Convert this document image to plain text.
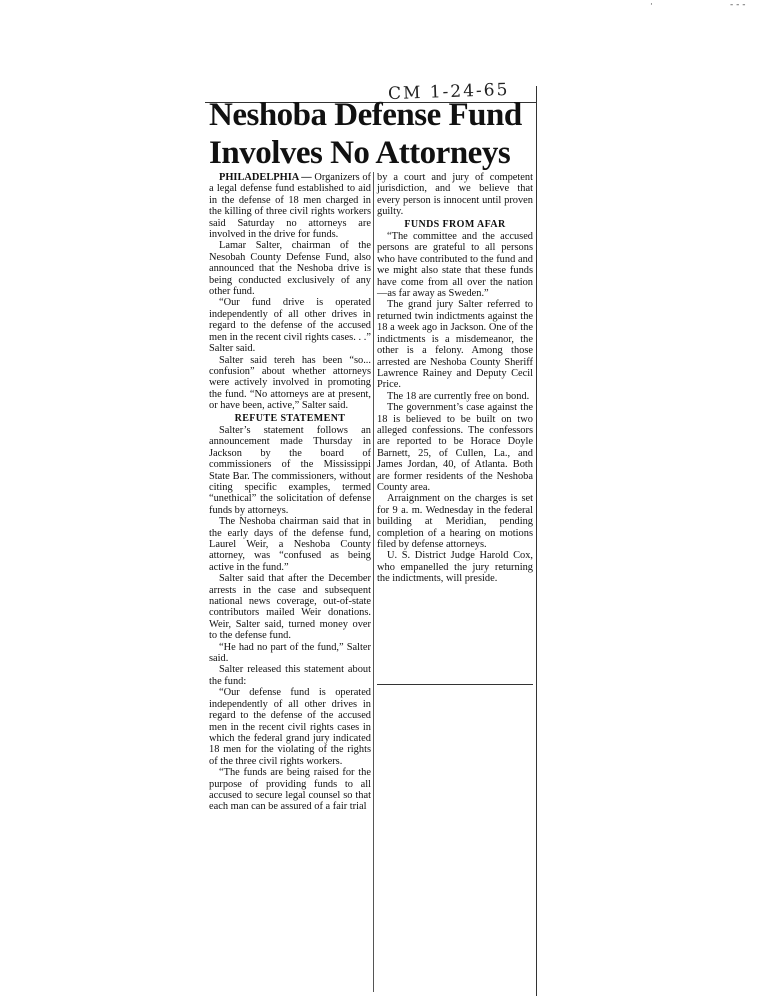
·	- - -
CM 1-24-65
Neshoba Defense Fund
Involves No Attorneys

PHILADELPHIA — Organizers of a legal defense fund established to aid in the defense of 18 men charged in the killing of three civil rights workers said Saturday no attorneys are involved in the drive for funds.

Lamar Salter, chairman of the Nesobah County Defense Fund, also announced that the Neshoba drive is being conducted exclusively of any other fund.

“Our fund drive is operated independently of all other drives in regard to the defense of the accused men in the recent civil rights cases. . .” Salter said.

Salter said tereh has been “so... confusion” about whether attorneys were actively involved in promoting the fund. “No attorneys are at present, or have been, active,” Salter said.

REFUTE STATEMENT

Salter’s statement follows an announcement made Thursday in Jackson by the board of commissioners of the Mississippi State Bar. The commissioners, without citing specific examples, termed “unethical” the solicitation of defense funds by attorneys.

The Neshoba chairman said that in the early days of the defense fund, Laurel Weir, a Neshoba County attorney, was “confused as being active in the fund.”

Salter said that after the December arrests in the case and subsequent national news coverage, out-of-state contributors mailed Weir donations. Weir, Salter said, turned money over to the defense fund.

“He had no part of the fund,” Salter said.

Salter released this statement about the fund:

“Our defense fund is operated independently of all other drives in regard to the defense of the accused men in the recent civil rights cases in which the federal grand jury indicated 18 men for the violating of the rights of the three civil rights workers.

“The funds are being raised for the purpose of providing funds to all accused to secure legal counsel so that each man can be assured of a fair trial

by a court and jury of competent jurisdiction, and we believe that every person is innocent until proven guilty.

FUNDS FROM AFAR

“The committee and the accused persons are grateful to all persons who have contributed to the fund and we might also state that these funds have come from all over the nation —as far away as Sweden.”

The grand jury Salter referred to returned twin indictments against the 18 a week ago in Jackson. One of the indictments is a misdemeanor, the other is a felony. Among those arrested are Neshoba County Sheriff Lawrence Rainey and Deputy Cecil Price.

The 18 are currently free on bond.

The government’s case against the 18 is believed to be built on two alleged confessions. The confessors are reported to be Horace Doyle Barnett, 25, of Cullen, La., and James Jordan, 40, of Atlanta. Both are former residents of the Neshoba County area.

Arraignment on the charges is set for 9 a. m. Wednesday in the federal building at Meridian, pending completion of a hearing on motions filed by defense attorneys.

U. S. District Judge Harold Cox, who empanelled the jury returning the indictments, will preside.
